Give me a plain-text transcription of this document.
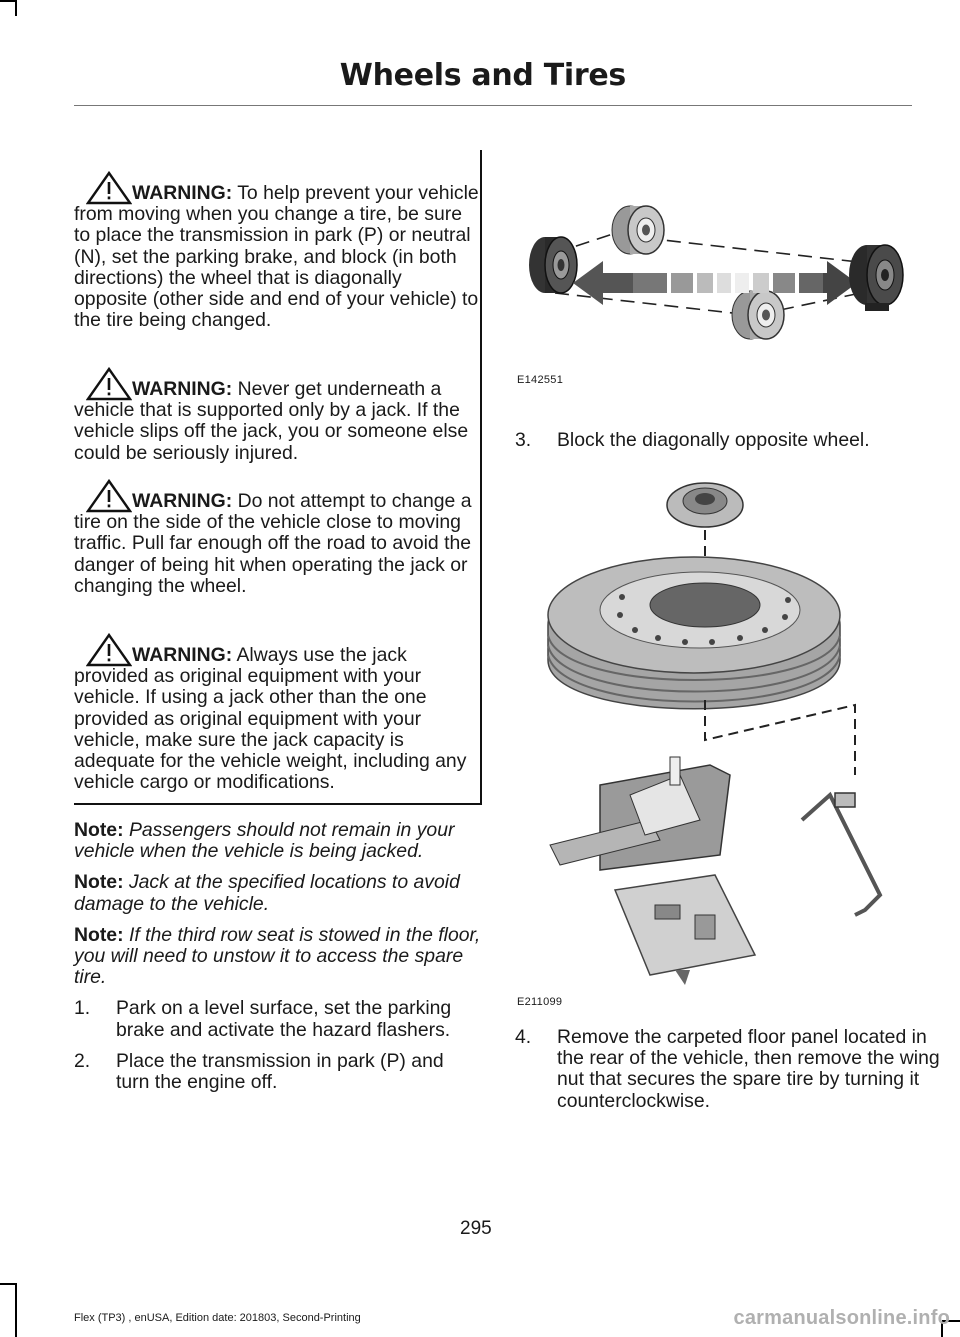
Wheels and Tires
WARNING: To help prevent your vehicle from moving when you change a tire, be sure to place the transmission in park (P) or neutral (N), set the parking brake, and block (in both directions) the wheel that is diagonally opposite (other side and end of your vehicle) to the tire being changed.
WARNING: Never get underneath a vehicle that is supported only by a jack. If the vehicle slips off the jack, you or someone else could be seriously injured.
WARNING: Do not attempt to change a tire on the side of the vehicle close to moving traffic. Pull far enough off the road to avoid the danger of being hit when operating the jack or changing the wheel.
WARNING: Always use the jack provided as original equipment with your vehicle. If using a jack other than the one provided as original equipment with your vehicle, make sure the jack capacity is adequate for the vehicle weight, including any vehicle cargo or modifications.
Note: Passengers should not remain in your vehicle when the vehicle is being jacked.
Note: Jack at the specified locations to avoid damage to the vehicle.
Note: If the third row seat is stowed in the floor, you will need to unstow it to access the spare tire.
1. Park on a level surface, set the parking brake and activate the hazard flashers.
2. Place the transmission in park (P) and turn the engine off.
E142551
3. Block the diagonally opposite wheel.
E211099
4. Remove the carpeted floor panel located in the rear of the vehicle, then remove the wing nut that secures the spare tire by turning it counterclockwise.
295
Flex (TP3) , enUSA, Edition date: 201803, Second-Printing	carmanualsonline.info
